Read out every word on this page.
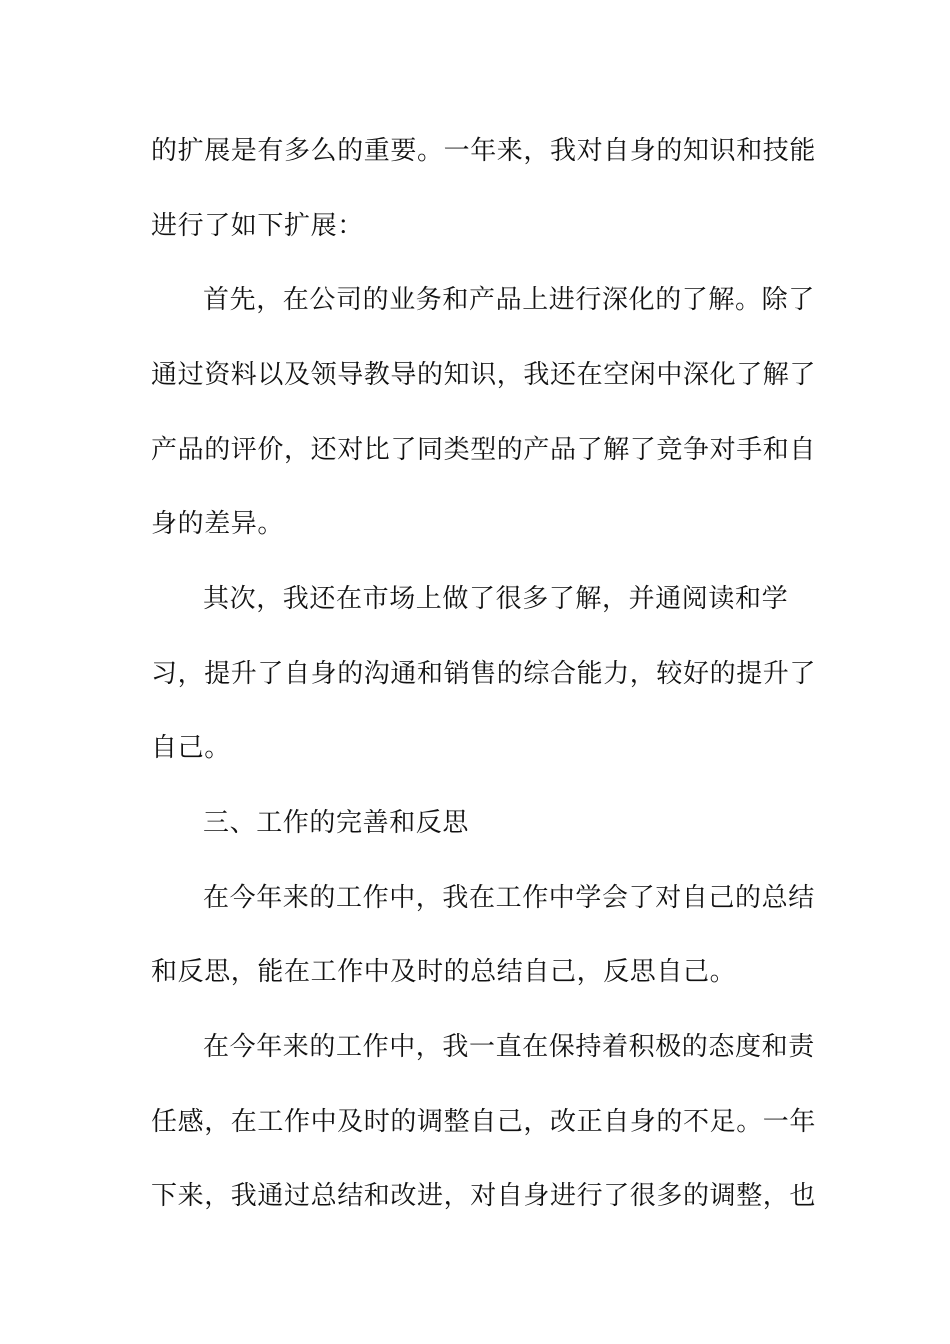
的扩展是有多么的重要。一年来，我对自身的知识和技能
进行了如下扩展：
首先，在公司的业务和产品上进行深化的了解。除了
通过资料以及领导教导的知识，我还在空闲中深化了解了
产品的评价，还对比了同类型的产品了解了竞争对手和自
身的差异。
其次，我还在市场上做了很多了解，并通阅读和学
习，提升了自身的沟通和销售的综合能力，较好的提升了
自己。
三、工作的完善和反思
在今年来的工作中，我在工作中学会了对自己的总结
和反思，能在工作中及时的总结自己，反思自己。
在今年来的工作中，我一直在保持着积极的态度和责
任感，在工作中及时的调整自己，改正自身的不足。一年
下来，我通过总结和改进，对自身进行了很多的调整，也
